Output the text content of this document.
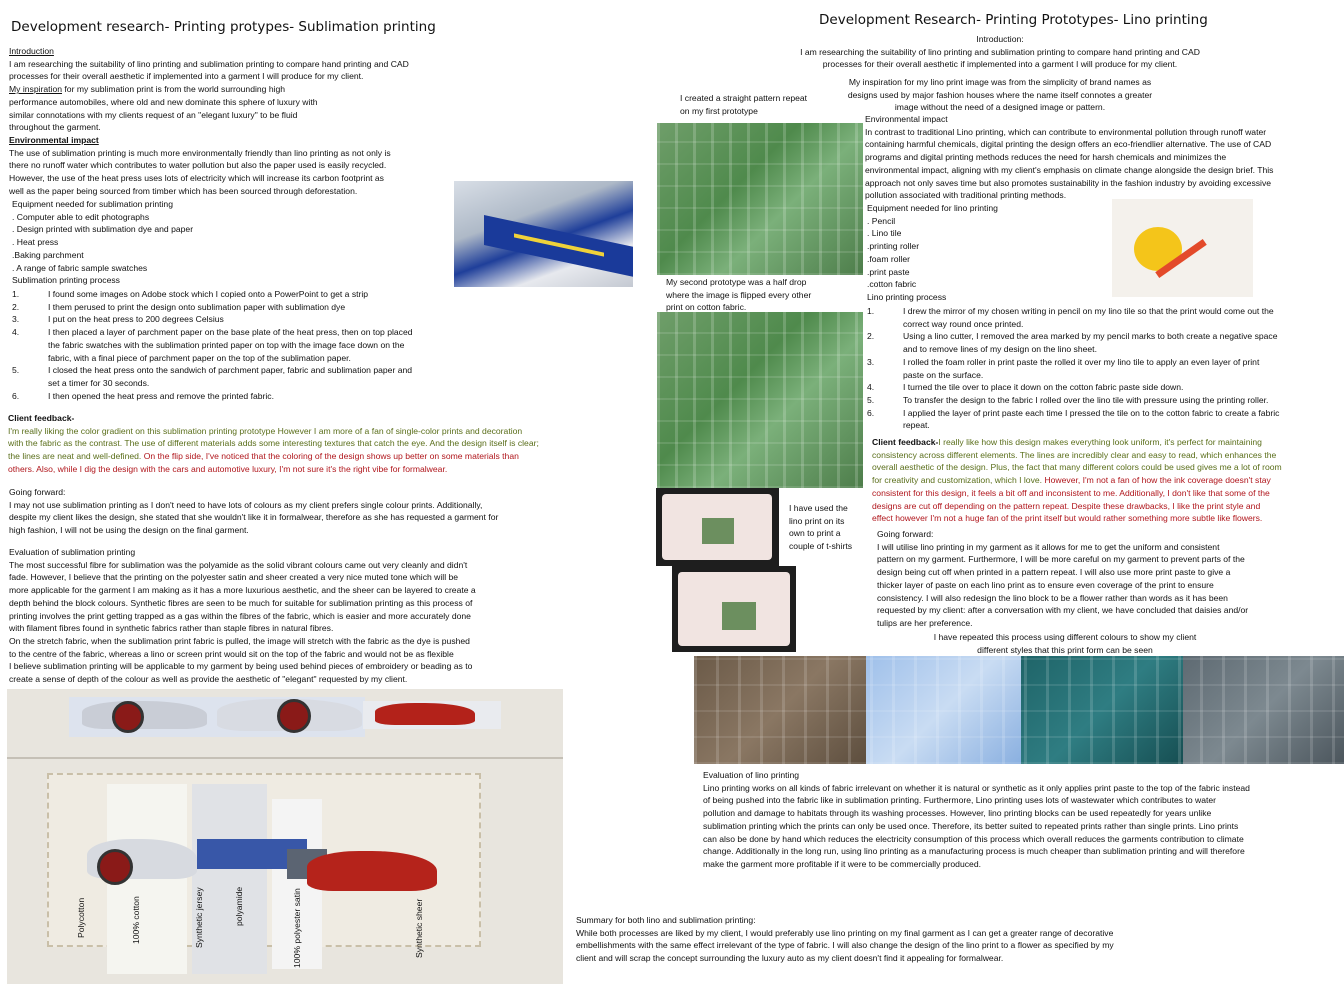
Development research- Printing protypes- Sublimation printing
Introduction
I am researching the suitability of lino printing and sublimation printing to compare hand printing and CAD
processes for their overall aesthetic if implemented into a garment I will produce for my client.
My inspiration for my sublimation print is from the world surrounding high
performance automobiles, where old and new dominate this sphere of luxury with
similar connotations with my clients request of an "elegant luxury" to be fluid
throughout the garment.
Environmental impact
The use of sublimation printing is much more environmentally friendly than lino printing as not only is
there no runoff water which contributes to water pollution but also the paper used is easily recycled.
However, the use of the heat press uses lots of electricity which will increase its carbon footprint as
well as the paper being sourced from timber which has been sourced through deforestation.
Equipment needed for sublimation printing
. Computer able to edit photographs
. Design printed with sublimation dye and paper
. Heat press
.Baking parchment
. A range of fabric sample swatches
Sublimation printing process
1.	I found some images on Adobe stock which I copied onto a PowerPoint to get a strip
2.	I them perused to print the design onto sublimation paper with sublimation dye
3.	I put on the heat press to 200 degrees Celsius
4.	I then placed a layer of parchment paper on the base plate of the heat press, then on top placed
the fabric swatches with the sublimation printed paper on top with the image face down on the
fabric, with a final piece of parchment paper on the top of the sublimation paper.
5.	I closed the heat press onto the sandwich of parchment paper, fabric and sublimation paper and
set a timer for 30 seconds.
6.	I then opened the heat press and remove the printed fabric.
Client feedback-
I'm really liking the color gradient on this sublimation printing prototype However I am more of a fan of single-color prints and decoration
with the fabric as the contrast. The use of different materials adds some interesting textures that catch the eye. And the design itself is clear;
the lines are neat and well-defined. On the flip side, I've noticed that the coloring of the design shows up better on some materials than
others. Also, while I dig the design with the cars and automotive luxury, I'm not sure it's the right vibe for formalwear.
Going forward:
I may not use sublimation printing as I don't need to have lots of colours as my client prefers single colour prints. Additionally,
despite my client likes the design, she stated that she wouldn't like it in formalwear, therefore as she has requested a garment for
high fashion, I will not be using the design on the final garment.
Evaluation of sublimation printing
The most successful fibre for sublimation was the polyamide as the solid vibrant colours came out very cleanly and didn't
fade. However, I believe that the printing on the polyester satin and sheer created a very nice muted tone which will be
more applicable for the garment I am making as it has a more luxurious aesthetic, and the sheer can be layered to create a
depth behind the block colours. Synthetic fibres are seen to be much for suitable for sublimation printing as this process of
printing involves the print getting trapped as a gas within the fibres of the fabric, which is easier and more accurately done
with filament fibres found in synthetic fabrics rather than staple fibres in natural fibres.
On the stretch fabric, when the sublimation print fabric is pulled, the image will stretch with the fabric as the dye is pushed
to the centre of the fabric, whereas a lino or screen print would sit on the top of the fabric and would not be as flexible
I believe sublimation printing will be applicable to my garment by being used behind pieces of embroidery or beading as to
create a sense of depth of the colour as well as provide the aesthetic of "elegant" requested by my client.
Polycotton	100% cotton	Synthetic jersey	polyamide	100% polyester satin	Synthetic sheer
Development Research- Printing Prototypes- Lino printing
Introduction:
I am researching the suitability of lino printing and sublimation printing to compare hand printing and CAD
processes for their overall aesthetic if implemented into a garment I will produce for my client.
My inspiration for my lino print image was from the simplicity of brand names as
designs used by major fashion houses where the name itself connotes a greater
image without the need of a designed image or pattern.
I created a straight pattern repeat
on my first prototype
My second prototype was a half drop
where the image is flipped every other
print on cotton fabric.
I have used the
lino print on its
own to print a
couple of t-shirts
Environmental impact
In contrast to traditional Lino printing, which can contribute to environmental pollution through runoff water
containing harmful chemicals, digital printing the design offers an eco-friendlier alternative. The use of CAD
programs and digital printing methods reduces the need for harsh chemicals and minimizes the
environmental impact, aligning with my client's emphasis on climate change alongside the design brief. This
approach not only saves time but also promotes sustainability in the fashion industry by avoiding excessive
pollution associated with traditional printing methods.
Equipment needed for lino printing
. Pencil
. Lino tile
.printing roller
.foam roller
.print paste
.cotton fabric
Lino printing process
1.	I drew the mirror of my chosen writing in pencil on my lino tile so that the print would come out the
correct way round once printed.
2.	Using a lino cutter, I removed the area marked by my pencil marks to both create a negative space
and to remove lines of my design on the lino sheet.
3.	I rolled the foam roller in print paste the rolled it over my lino tile to apply an even layer of print
paste on the surface.
4.	I turned the tile over to place it down on the cotton fabric paste side down.
5.	To transfer the design to the fabric I rolled over the lino tile with pressure using the printing roller.
6.	I applied the layer of print paste each time I pressed the tile on to the cotton fabric to create a fabric
repeat.
Client feedback-I really like how this design makes everything look uniform, it's perfect for maintaining
consistency across different elements. The lines are incredibly clear and easy to read, which enhances the
overall aesthetic of the design. Plus, the fact that many different colors could be used gives me a lot of room
for creativity and customization, which I love. However, I'm not a fan of how the ink coverage doesn't stay
consistent for this design, it feels a bit off and inconsistent to me. Additionally, I don't like that some of the
designs are cut off depending on the pattern repeat. Despite these drawbacks, I like the print style and
effect however I'm not a huge fan of the print itself but would rather something more subtle like flowers.
Going forward:
I will utilise lino printing in my garment as it allows for me to get the uniform and consistent
pattern on my garment. Furthermore, I will be more careful on my garment to prevent parts of the
design being cut off when printed in a pattern repeat. I will also use more print paste to give a
thicker layer of paste on each lino print as to ensure even coverage of the print to ensure
consistency. I will also redesign the lino block to be a flower rather than words as it has been
requested by my client: after a conversation with my client, we have concluded that daisies and/or
tulips are her preference.
I have repeated this process using different colours to show my client
different styles that this print form can be seen
Evaluation of lino printing
Lino printing works on all kinds of fabric irrelevant on whether it is natural or synthetic as it only applies print paste to the top of the fabric instead
of being pushed into the fabric like in sublimation printing. Furthermore, Lino printing uses lots of wastewater which contributes to water
pollution and damage to habitats through its washing processes. However, lino printing blocks can be used repeatedly for years unlike
sublimation printing which the prints can only be used once. Therefore, its better suited to repeated prints rather than single prints. Lino prints
can also be done by hand which reduces the electricity consumption of this process which overall reduces the garments contribution to climate
change. Additionally in the long run, using lino printing as a manufacturing process is much cheaper than sublimation printing and will therefore
make the garment more profitable if it were to be commercially produced.
Summary for both lino and sublimation printing:
While both processes are liked by my client, I would preferably use lino printing on my final garment as I can get a greater range of decorative
embellishments with the same effect irrelevant of the type of fabric. I will also change the design of the lino print to a flower as specified by my
client and will scrap the concept surrounding the luxury auto as my client doesn't find it appealing for formalwear.
